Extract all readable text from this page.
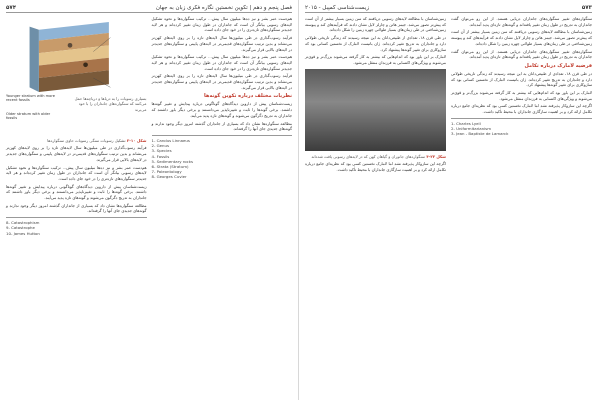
۵۷۴	فصل پنجم و دهم | تکوین نخستین نگاره فکری زبان به جهان

هم‌دست عمر بشر و نیز ده‌ها میلیون سال پیش... ترکیب سنگواره‌ها و نحوه تشکیل لایه‌های رسوبی بیانگر آن است که جانداران در طول زمان تغییر کرده‌اند و هر لایه جدیدتر سنگواره‌های تازه‌تری را در خود جای داده است.

فرآیند رسوب‌گذاری در طی میلیون‌ها سال لایه‌های تازه را بر روی لایه‌های کهن‌تر می‌نشاند و بدین ترتیب سنگواره‌های قدیمی‌تر در لایه‌های پایینی و سنگواره‌های جدیدتر در لایه‌های بالایی قرار می‌گیرند.

هم‌دست عمر بشر و نیز ده‌ها میلیون سال پیش... ترکیب سنگواره‌ها و نحوه تشکیل لایه‌های رسوبی بیانگر آن است که جانداران در طول زمان تغییر کرده‌اند و هر لایه جدیدتر سنگواره‌های تازه‌تری را در خود جای داده است.

فرآیند رسوب‌گذاری در طی میلیون‌ها سال لایه‌های تازه را بر روی لایه‌های کهن‌تر می‌نشاند و بدین ترتیب سنگواره‌های قدیمی‌تر در لایه‌های پایینی و سنگواره‌های جدیدتر در لایه‌های بالایی قرار می‌گیرند.

نظریات مختلف درباره تکوین گونه‌ها

زیست‌شناسان پیش از داروین دیدگاه‌های گوناگونی درباره پیدایش و تغییر گونه‌ها داشتند. برخی گونه‌ها را ثابت و تغییرناپذیر می‌دانستند و برخی دیگر باور داشتند که جانداران به تدریج دگرگون می‌شوند و گونه‌های تازه پدید می‌آیند.

مطالعه سنگواره‌ها نشان داد که بسیاری از جانداران گذشته امروز دیگر وجود ندارند و گونه‌های جدیدی جای آنها را گرفته‌اند.

1- Carolus Linnaeus
2- Genus
3- Species
4- Fossils
5- Sedimentary rocks
6- Strata (Stratum)
7- Paleontology
8- Georges Cuvier
Younger stratum with more recent fossils
Older stratum with older fossils
بسیاری رسوبات را به دریاها و دریاچه‌ها حمل می‌کنند که سنگواره‌های جانداران را با خود می‌برند
شکل ۱۰-۳ تشکیل رسوبات سنگی رسوبات حاوی سنگواره‌ها

فرآیند رسوب‌گذاری در طی میلیون‌ها سال لایه‌های تازه را بر روی لایه‌های کهن‌تر می‌نشاند و بدین ترتیب سنگواره‌های قدیمی‌تر در لایه‌های پایینی و سنگواره‌های جدیدتر در لایه‌های بالایی قرار می‌گیرند.

هم‌دست عمر بشر و نیز ده‌ها میلیون سال پیش... ترکیب سنگواره‌ها و نحوه تشکیل لایه‌های رسوبی بیانگر آن است که جانداران در طول زمان تغییر کرده‌اند و هر لایه جدیدتر سنگواره‌های تازه‌تری را در خود جای داده است.

زیست‌شناسان پیش از داروین دیدگاه‌های گوناگونی درباره پیدایش و تغییر گونه‌ها داشتند. برخی گونه‌ها را ثابت و تغییرناپذیر می‌دانستند و برخی دیگر باور داشتند که جانداران به تدریج دگرگون می‌شوند و گونه‌های تازه پدید می‌آیند.

مطالعه سنگواره‌ها نشان داد که بسیاری از جانداران گذشته امروز دیگر وجود ندارند و گونه‌های جدیدی جای آنها را گرفته‌اند.

8- Catastrophism
9- Catastrophe
10- James Hutton
زیست‌شناسی کمپبل - ۲۰۱۵	۵۷۳

سنگواره‌های تغییر سنگواره‌های جانداران دریایی هستند. از این رو می‌توان گفت جانداران به تدریج در طول زمان تغییر یافته‌اند و گونه‌های تازه‌ای پدید آمده‌اند.

زمین‌شناسان با مطالعه لایه‌های رسوبی دریافتند که سن زمین بسیار بیشتر از آن است که پیش‌تر تصور می‌شد. جیمز هاتن و چارلز لایل نشان دادند که فرآیندهای کند و پیوسته زمین‌شناختی در طی زمان‌های بسیار طولانی چهره زمین را شکل داده‌اند.

سنگواره‌های تغییر سنگواره‌های جانداران دریایی هستند. از این رو می‌توان گفت جانداران به تدریج در طول زمان تغییر یافته‌اند و گونه‌های تازه‌ای پدید آمده‌اند.

فرضیه لامارک درباره تکامل

در طی قرن ۱۸، تعدادی از طبیعی‌دانان به این نتیجه رسیدند که زندگی تاریخی طولانی دارد و جانداران به تدریج تغییر کرده‌اند. ژان باتیست لامارک از نخستین کسانی بود که سازوکاری برای تغییر گونه‌ها پیشنهاد کرد.

لامارک بر این باور بود که اندام‌هایی که بیشتر به کار گرفته می‌شوند بزرگ‌تر و قوی‌تر می‌شوند و ویژگی‌های اکتسابی به فرزندان منتقل می‌شود.

اگرچه این سازوکار پذیرفته نشد اما لامارک نخستین کسی بود که نظریه‌ای جامع درباره تکامل ارائه کرد و بر اهمیت سازگاری جانداران با محیط تأکید داشت.

1- Charles Lyell
2- Uniformitarianism
3- Jean - Baptiste de Lamarck

زمین‌شناسان با مطالعه لایه‌های رسوبی دریافتند که سن زمین بسیار بیشتر از آن است که پیش‌تر تصور می‌شد. جیمز هاتن و چارلز لایل نشان دادند که فرآیندهای کند و پیوسته زمین‌شناختی در طی زمان‌های بسیار طولانی چهره زمین را شکل داده‌اند.

در طی قرن ۱۸، تعدادی از طبیعی‌دانان به این نتیجه رسیدند که زندگی تاریخی طولانی دارد و جانداران به تدریج تغییر کرده‌اند. ژان باتیست لامارک از نخستین کسانی بود که سازوکاری برای تغییر گونه‌ها پیشنهاد کرد.

لامارک بر این باور بود که اندام‌هایی که بیشتر به کار گرفته می‌شوند بزرگ‌تر و قوی‌تر می‌شوند و ویژگی‌های اکتسابی به فرزندان منتقل می‌شود.

شکل ۲۲-۴ سنگواره‌های جانوران و گیاهان کهن که در لایه‌های رسوبی یافت شده‌اند

اگرچه این سازوکار پذیرفته نشد اما لامارک نخستین کسی بود که نظریه‌ای جامع درباره تکامل ارائه کرد و بر اهمیت سازگاری جانداران با محیط تأکید داشت.
